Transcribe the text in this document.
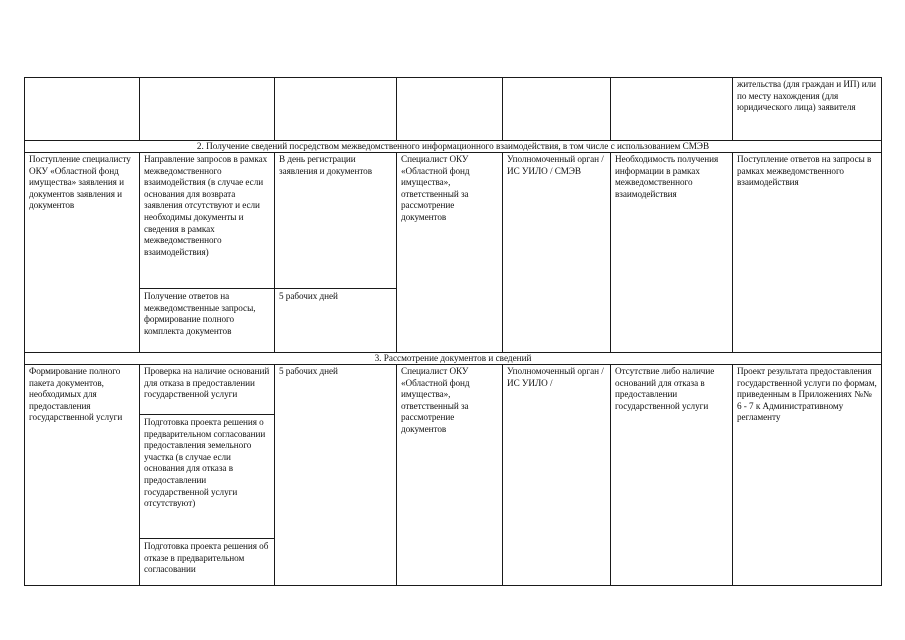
жительства (для граждан и ИП) или по месту нахождения (для юридического лица) заявителя
2. Получение сведений посредством межведомственного информационного взаимодействия, в том числе с использованием СМЭВ
Поступление специалисту ОКУ «Областной фонд имущества» заявления и документов заявления и документов
Направление запросов в рамках межведомственного взаимодействия (в случае если основания для возврата заявления отсутствуют и если необходимы документы и сведения в рамках межведомственного взаимодействия)
В день регистрации заявления и документов
Получение ответов на межведомственные запросы, формирование полного комплекта документов
5 рабочих дней
Специалист ОКУ «Областной фонд имущества», ответственный за рассмотрение документов
Уполномоченный орган / ИС УИЛО / СМЭВ
Необходимость получения информации в рамках межведомственного взаимодействия
Поступление ответов на запросы в рамках межведомственного взаимодействия
3. Рассмотрение документов и сведений
Формирование полного пакета документов, необходимых для предоставления государственной услуги
Проверка на наличие оснований для отказа в предоставлении государственной услуги
Подготовка проекта решения о предварительном согласовании предоставления земельного участка (в случае если основания для отказа в предоставлении государственной услуги отсутствуют)
Подготовка проекта решения об отказе в предварительном согласовании
5 рабочих дней	Специалист ОКУ «Областной фонд имущества», ответственный за рассмотрение документов
Уполномоченный орган / ИС УИЛО /
Отсутствие либо наличие оснований для отказа в предоставлении государственной услуги
Проект результата предоставления государственной услуги по формам, приведенным в Приложениях №№ 6 - 7 к Административному регламенту
